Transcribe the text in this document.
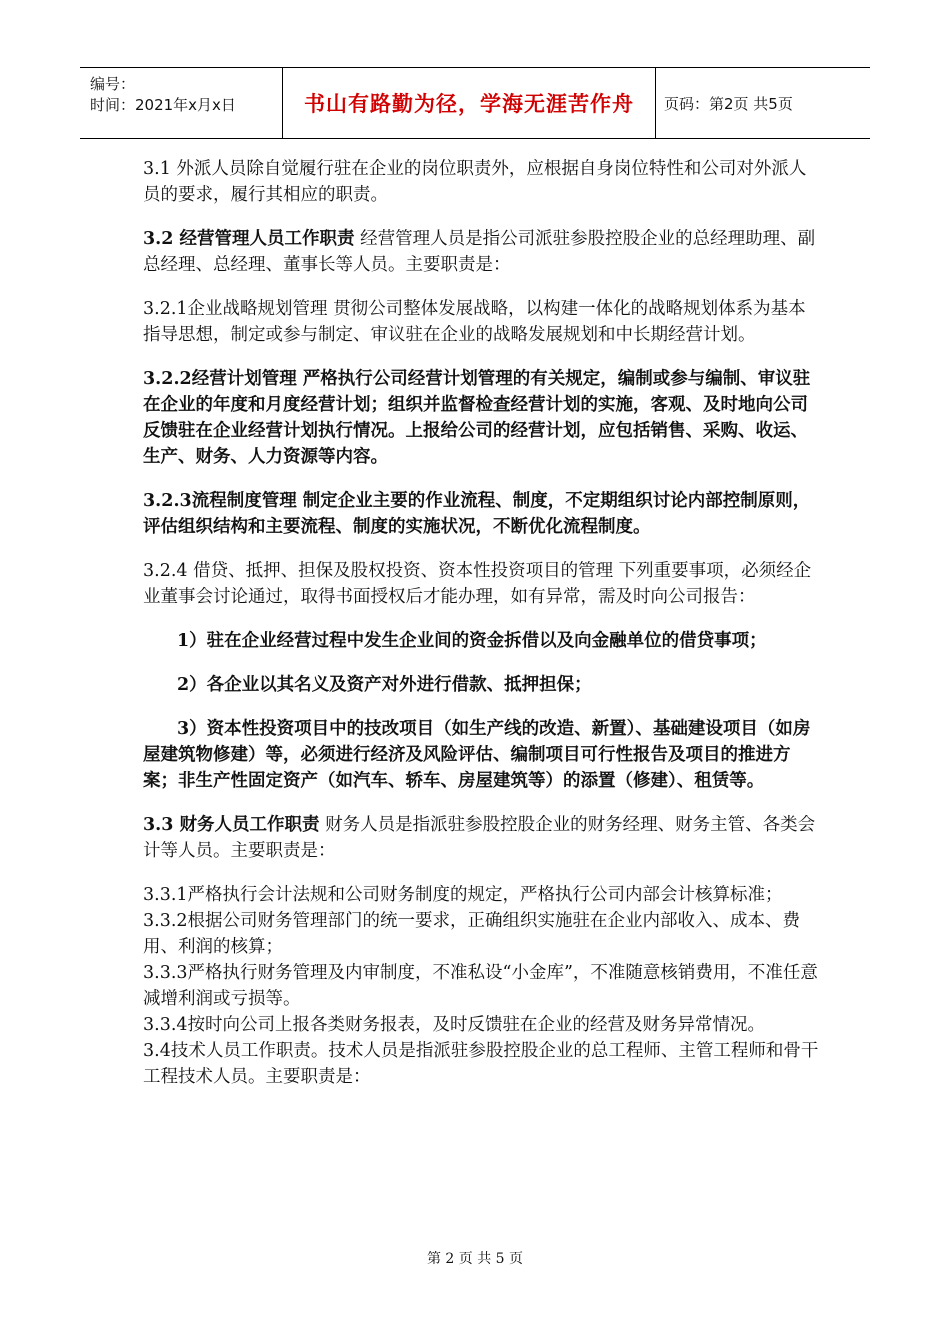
编号：
时间：2021年x月x日	书山有路勤为径，学海无涯苦作舟	页码：第2页 共5页

3.1 外派人员除自觉履行驻在企业的岗位职责外，应根据自身岗位特性和公司对外派人员的要求，履行其相应的职责。

3.2 经营管理人员工作职责 经营管理人员是指公司派驻参股控股企业的总经理助理、副总经理、总经理、董事长等人员。主要职责是：

3.2.1企业战略规划管理 贯彻公司整体发展战略，以构建一体化的战略规划体系为基本指导思想，制定或参与制定、审议驻在企业的战略发展规划和中长期经营计划。

3.2.2经营计划管理 严格执行公司经营计划管理的有关规定，编制或参与编制、审议驻在企业的年度和月度经营计划；组织并监督检查经营计划的实施，客观、及时地向公司反馈驻在企业经营计划执行情况。上报给公司的经营计划，应包括销售、采购、收运、生产、财务、人力资源等内容。

3.2.3流程制度管理 制定企业主要的作业流程、制度，不定期组织讨论内部控制原则，评估组织结构和主要流程、制度的实施状况，不断优化流程制度。

3.2.4 借贷、抵押、担保及股权投资、资本性投资项目的管理 下列重要事项，必须经企业董事会讨论通过，取得书面授权后才能办理，如有异常，需及时向公司报告：

1）驻在企业经营过程中发生企业间的资金拆借以及向金融单位的借贷事项；

2）各企业以其名义及资产对外进行借款、抵押担保；

3）资本性投资项目中的技改项目（如生产线的改造、新置）、基础建设项目（如房屋建筑物修建）等，必须进行经济及风险评估、编制项目可行性报告及项目的推进方案；非生产性固定资产（如汽车、轿车、房屋建筑等）的添置（修建）、租赁等。

3.3 财务人员工作职责 财务人员是指派驻参股控股企业的财务经理、财务主管、各类会计等人员。主要职责是：

3.3.1严格执行会计法规和公司财务制度的规定，严格执行公司内部会计核算标准；

3.3.2根据公司财务管理部门的统一要求，正确组织实施驻在企业内部收入、成本、费用、利润的核算；

3.3.3严格执行财务管理及内审制度，不准私设“小金库”，不准随意核销费用，不准任意减增利润或亏损等。

3.3.4按时向公司上报各类财务报表，及时反馈驻在企业的经营及财务异常情况。

3.4技术人员工作职责。技术人员是指派驻参股控股企业的总工程师、主管工程师和骨干工程技术人员。主要职责是：

第 2 页 共 5 页
